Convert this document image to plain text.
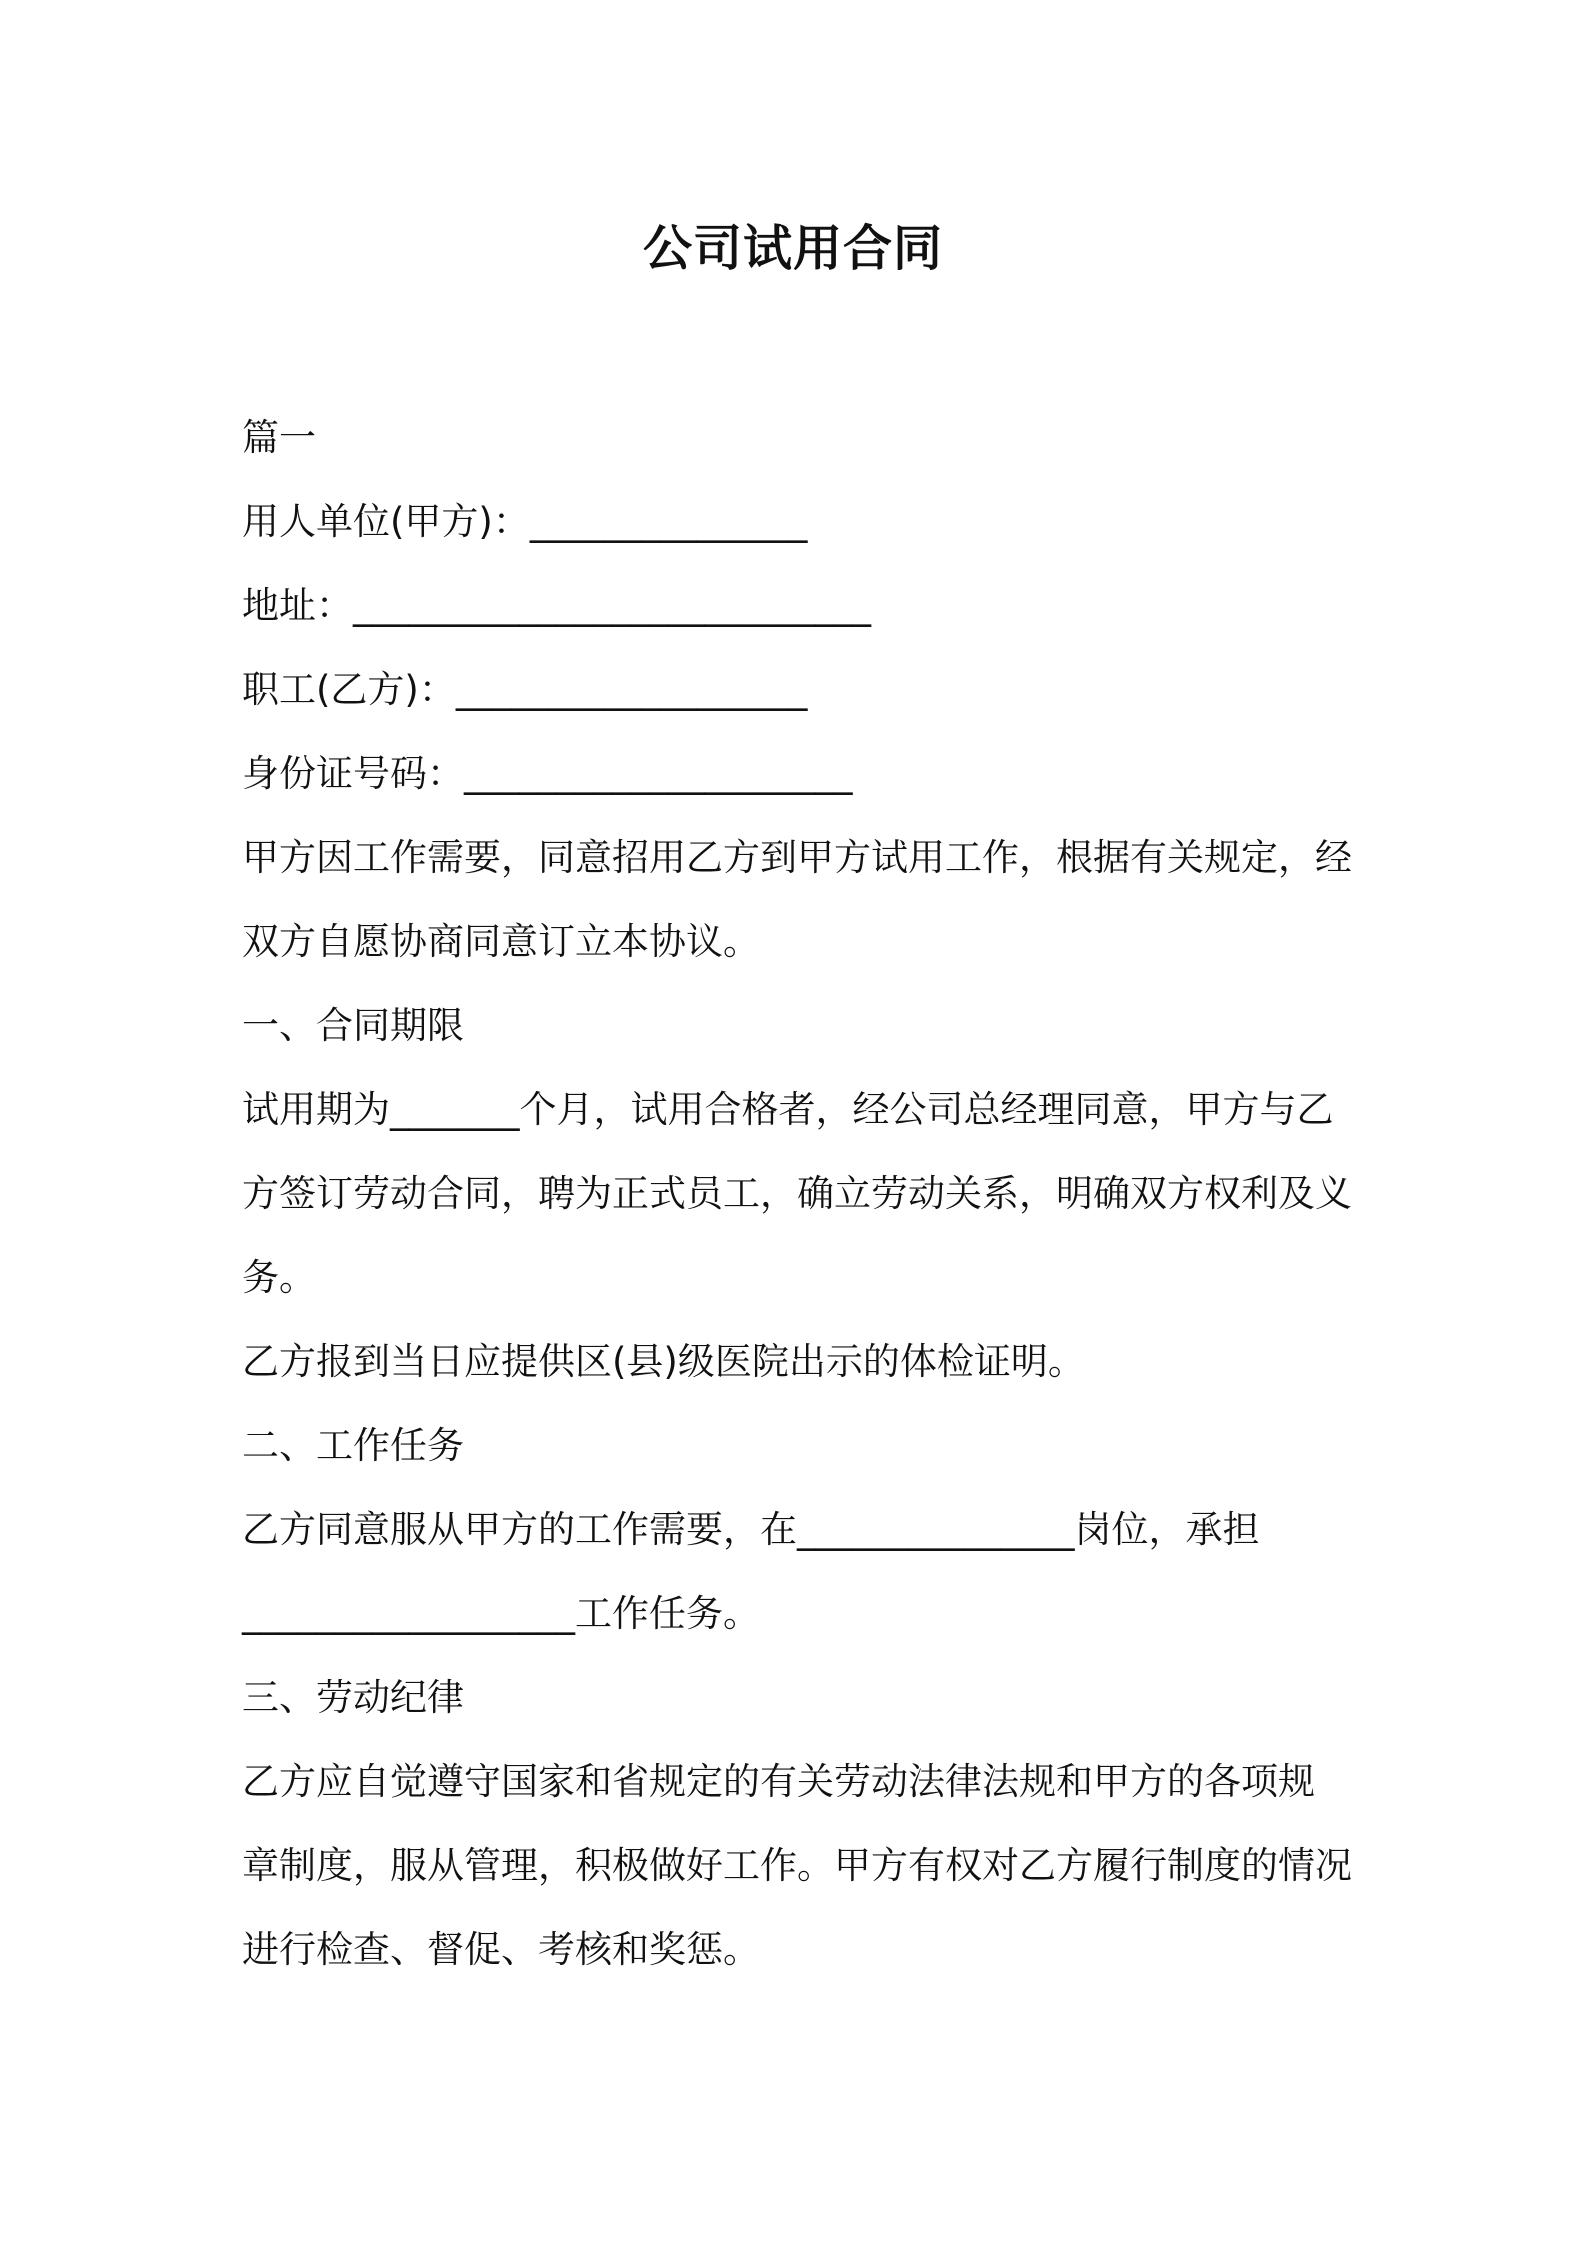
公司试用合同
篇一
用人单位(甲方)：_______________
地址：____________________________
职工(乙方)：___________________
身份证号码：_____________________
甲方因工作需要，同意招用乙方到甲方试用工作，根据有关规定，经
双方自愿协商同意订立本协议。
一、合同期限
试用期为_______个月，试用合格者，经公司总经理同意，甲方与乙
方签订劳动合同，聘为正式员工，确立劳动关系，明确双方权利及义
务。
乙方报到当日应提供区(县)级医院出示的体检证明。
二、工作任务
乙方同意服从甲方的工作需要，在_______________岗位，承担
__________________工作任务。
三、劳动纪律
乙方应自觉遵守国家和省规定的有关劳动法律法规和甲方的各项规
章制度，服从管理，积极做好工作。甲方有权对乙方履行制度的情况
进行检查、督促、考核和奖惩。
